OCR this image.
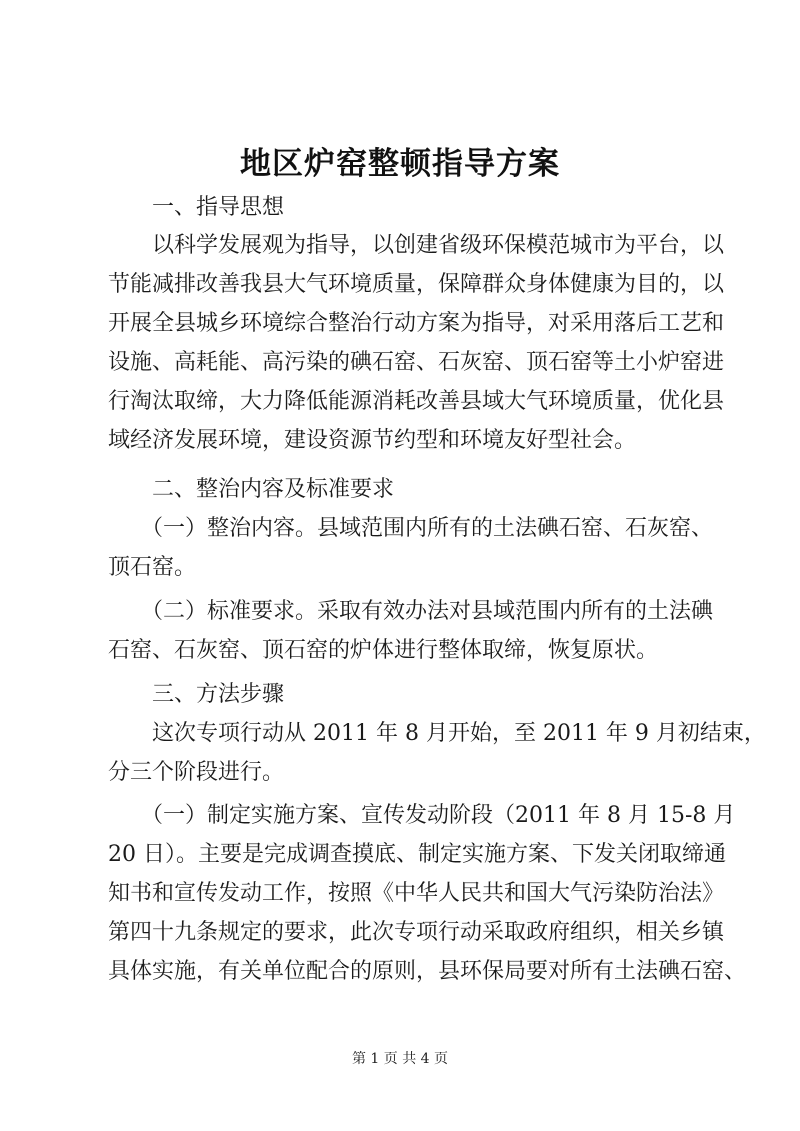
地区炉窑整顿指导方案
　　一、指导思想
　　以科学发展观为指导，以创建省级环保模范城市为平台，以
节能减排改善我县大气环境质量，保障群众身体健康为目的，以
开展全县城乡环境综合整治行动方案为指导，对采用落后工艺和
设施、高耗能、高污染的碘石窑、石灰窑、顶石窑等土小炉窑进
行淘汰取缔，大力降低能源消耗改善县域大气环境质量，优化县
域经济发展环境，建设资源节约型和环境友好型社会。
　　二、整治内容及标准要求
　　（一）整治内容。县域范围内所有的土法碘石窑、石灰窑、
顶石窑。
　　（二）标准要求。采取有效办法对县域范围内所有的土法碘
石窑、石灰窑、顶石窑的炉体进行整体取缔，恢复原状。
　　三、方法步骤
　　这次专项行动从 2011 年 8 月开始，至 2011 年 9 月初结束，
分三个阶段进行。
　　（一）制定实施方案、宣传发动阶段（2011 年 8 月 15-8 月
20 日）。主要是完成调查摸底、制定实施方案、下发关闭取缔通
知书和宣传发动工作，按照《中华人民共和国大气污染防治法》
第四十九条规定的要求，此次专项行动采取政府组织，相关乡镇
具体实施，有关单位配合的原则，县环保局要对所有土法碘石窑、
第 1 页 共 4 页
